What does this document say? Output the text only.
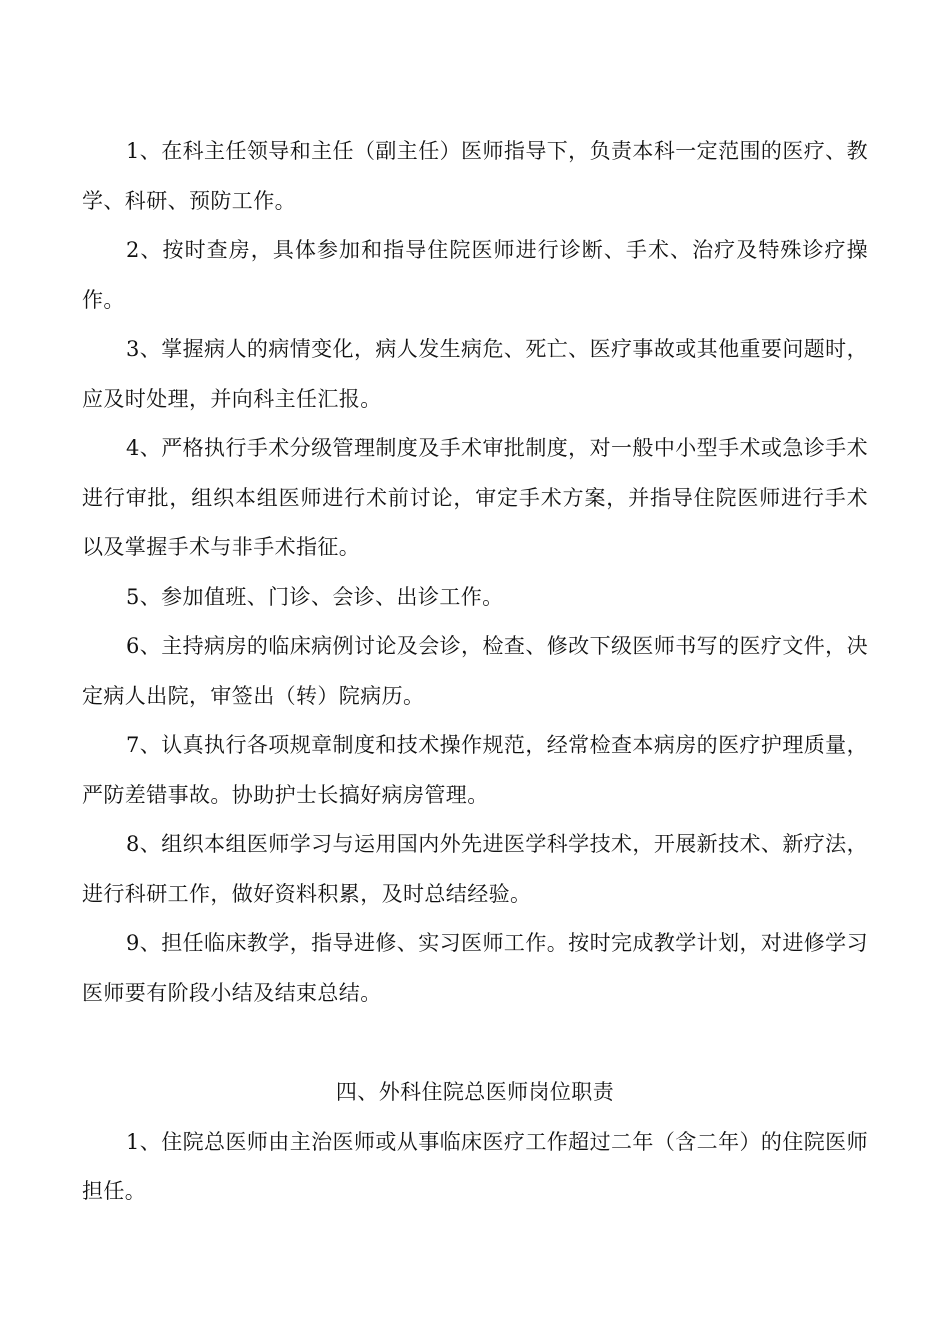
1、在科主任领导和主任（副主任）医师指导下，负责本科一定范围的医疗、教学、科研、预防工作。

2、按时查房，具体参加和指导住院医师进行诊断、手术、治疗及特殊诊疗操作。

3、掌握病人的病情变化，病人发生病危、死亡、医疗事故或其他重要问题时，应及时处理，并向科主任汇报。

4、严格执行手术分级管理制度及手术审批制度，对一般中小型手术或急诊手术进行审批，组织本组医师进行术前讨论，审定手术方案，并指导住院医师进行手术以及掌握手术与非手术指征。

5、参加值班、门诊、会诊、出诊工作。

6、主持病房的临床病例讨论及会诊，检查、修改下级医师书写的医疗文件，决定病人出院，审签出（转）院病历。

7、认真执行各项规章制度和技术操作规范，经常检查本病房的医疗护理质量，严防差错事故。协助护士长搞好病房管理。

8、组织本组医师学习与运用国内外先进医学科学技术，开展新技术、新疗法，进行科研工作，做好资料积累，及时总结经验。

9、担任临床教学，指导进修、实习医师工作。按时完成教学计划，对进修学习医师要有阶段小结及结束总结。

四、外科住院总医师岗位职责

1、住院总医师由主治医师或从事临床医疗工作超过二年（含二年）的住院医师担任。
